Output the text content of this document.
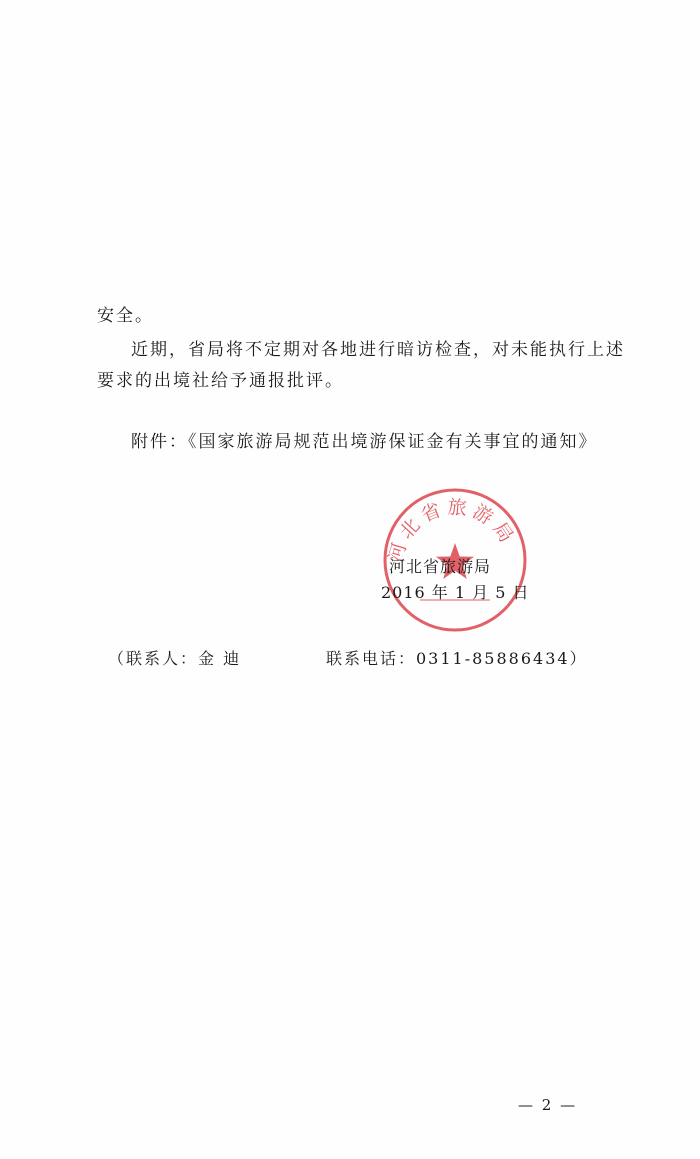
安全。
近期，省局将不定期对各地进行暗访检查，对未能执行上述
要求的出境社给予通报批评。
附件：《国家旅游局规范出境游保证金有关事宜的通知》
河北省旅游局
河北省旅游局
2016 年 1 月 5 日
（联系人：金 迪	联系电话：0311-85886434）
— 2 —
